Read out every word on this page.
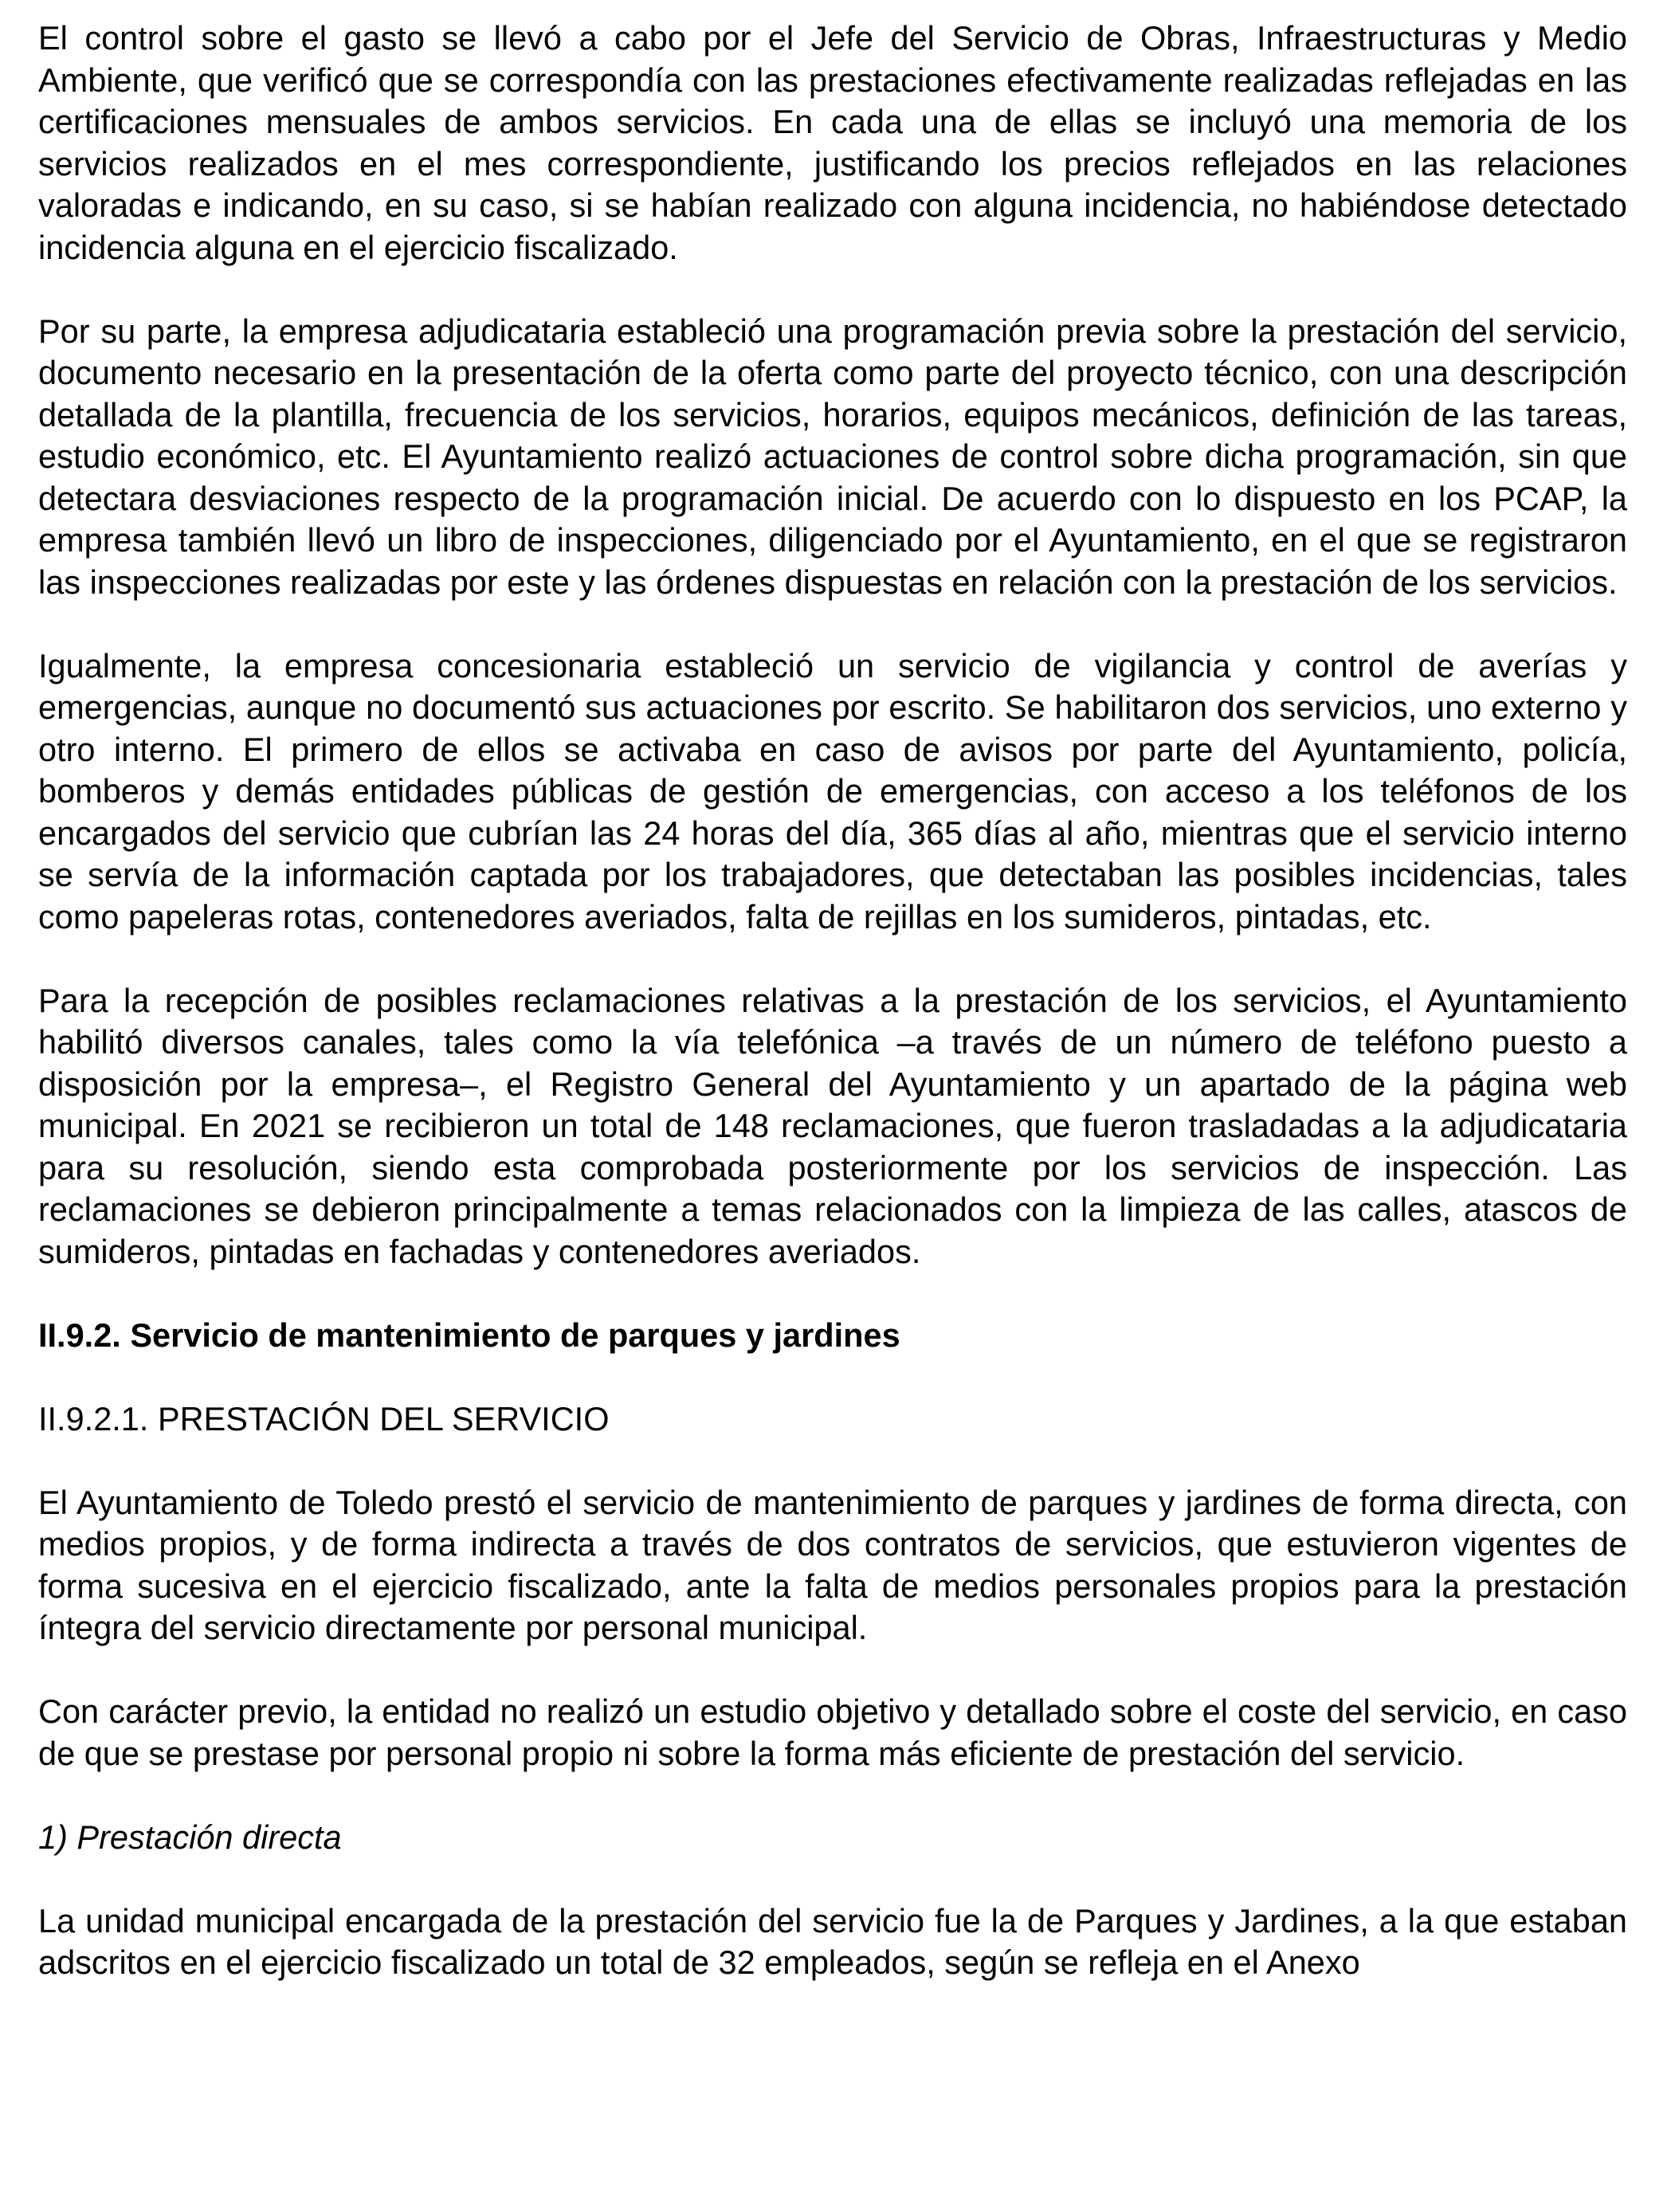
El control sobre el gasto se llevó a cabo por el Jefe del Servicio de Obras, Infraestructuras y Medio Ambiente, que verificó que se correspondía con las prestaciones efectivamente realizadas reflejadas en las certificaciones mensuales de ambos servicios. En cada una de ellas se incluyó una memoria de los servicios realizados en el mes correspondiente, justificando los precios reflejados en las relaciones valoradas e indicando, en su caso, si se habían realizado con alguna incidencia, no habiéndose detectado incidencia alguna en el ejercicio fiscalizado.

Por su parte, la empresa adjudicataria estableció una programación previa sobre la prestación del servicio, documento necesario en la presentación de la oferta como parte del proyecto técnico, con una descripción detallada de la plantilla, frecuencia de los servicios, horarios, equipos mecánicos, definición de las tareas, estudio económico, etc. El Ayuntamiento realizó actuaciones de control sobre dicha programación, sin que detectara desviaciones respecto de la programación inicial. De acuerdo con lo dispuesto en los PCAP, la empresa también llevó un libro de inspecciones, diligenciado por el Ayuntamiento, en el que se registraron las inspecciones realizadas por este y las órdenes dispuestas en relación con la prestación de los servicios.

Igualmente, la empresa concesionaria estableció un servicio de vigilancia y control de averías y emergencias, aunque no documentó sus actuaciones por escrito. Se habilitaron dos servicios, uno externo y otro interno. El primero de ellos se activaba en caso de avisos por parte del Ayuntamiento, policía, bomberos y demás entidades públicas de gestión de emergencias, con acceso a los teléfonos de los encargados del servicio que cubrían las 24 horas del día, 365 días al año, mientras que el servicio interno se servía de la información captada por los trabajadores, que detectaban las posibles incidencias, tales como papeleras rotas, contenedores averiados, falta de rejillas en los sumideros, pintadas, etc.

Para la recepción de posibles reclamaciones relativas a la prestación de los servicios, el Ayuntamiento habilitó diversos canales, tales como la vía telefónica –a través de un número de teléfono puesto a disposición por la empresa–, el Registro General del Ayuntamiento y un apartado de la página web municipal. En 2021 se recibieron un total de 148 reclamaciones, que fueron trasladadas a la adjudicataria para su resolución, siendo esta comprobada posteriormente por los servicios de inspección. Las reclamaciones se debieron principalmente a temas relacionados con la limpieza de las calles, atascos de sumideros, pintadas en fachadas y contenedores averiados.

II.9.2. Servicio de mantenimiento de parques y jardines

II.9.2.1. PRESTACIÓN DEL SERVICIO

El Ayuntamiento de Toledo prestó el servicio de mantenimiento de parques y jardines de forma directa, con medios propios, y de forma indirecta a través de dos contratos de servicios, que estuvieron vigentes de forma sucesiva en el ejercicio fiscalizado, ante la falta de medios personales propios para la prestación íntegra del servicio directamente por personal municipal.

Con carácter previo, la entidad no realizó un estudio objetivo y detallado sobre el coste del servicio, en caso de que se prestase por personal propio ni sobre la forma más eficiente de prestación del servicio.

1) Prestación directa

La unidad municipal encargada de la prestación del servicio fue la de Parques y Jardines, a la que estaban adscritos en el ejercicio fiscalizado un total de 32 empleados, según se refleja en el Anexo
